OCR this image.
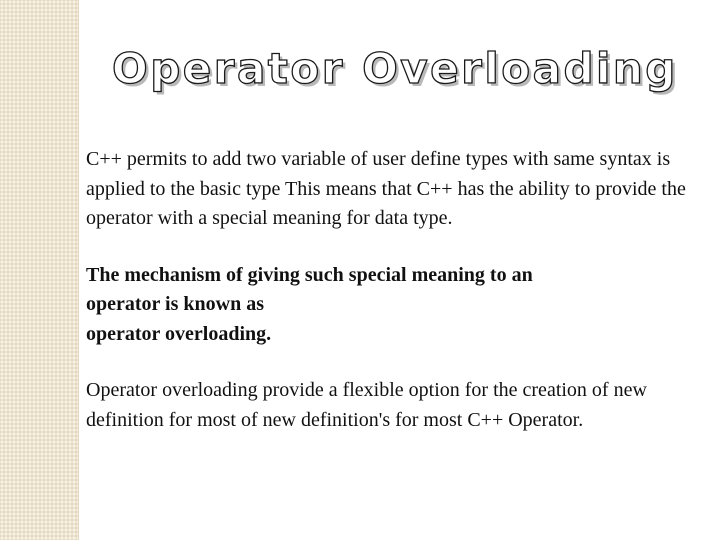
Operator Overloading

C++ permits to add two variable of user define types with same syntax is applied to the basic type This means that C++ has the ability to provide the operator with a special meaning for data type.

The mechanism of giving such special meaning to an
operator is known as
operator overloading.

Operator overloading provide a flexible option for the creation of new definition for most of new definition's for most C++ Operator.
